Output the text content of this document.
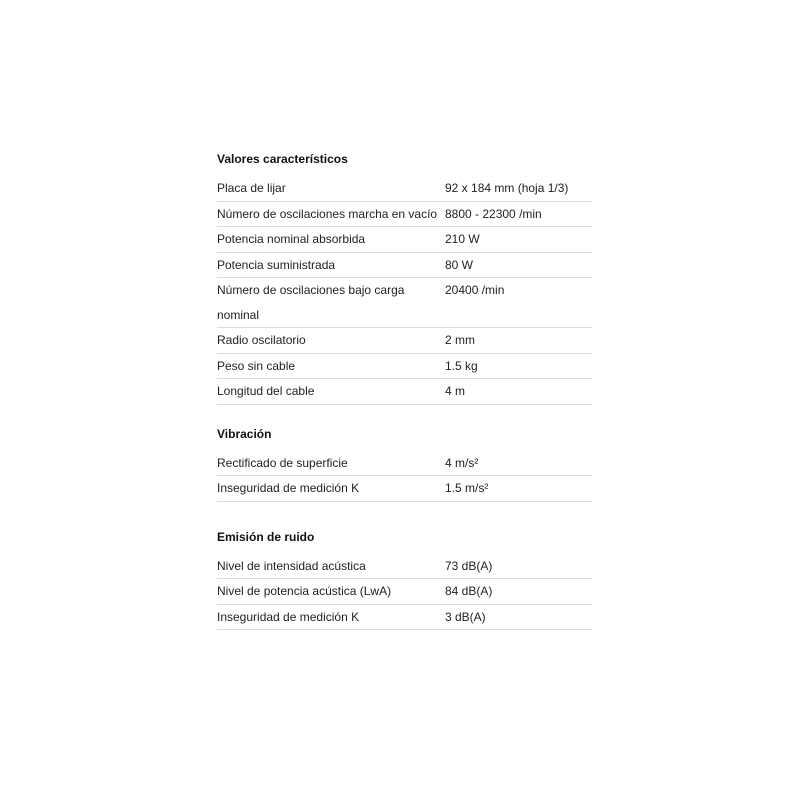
Valores característicos
Placa de lijar	92 x 184 mm (hoja 1/3)
Número de oscilaciones marcha en vacío	8800 - 22300 /min
Potencia nominal absorbida	210 W
Potencia suministrada	80 W
Número de oscilaciones bajo carga nominal	20400 /min
Radio oscilatorio	2 mm
Peso sin cable	1.5 kg
Longitud del cable	4 m
Vibración
Rectificado de superficie	4 m/s²
Inseguridad de medición K	1.5 m/s²
Emisión de ruido
Nivel de intensidad acústica	73 dB(A)
Nivel de potencia acústica (LwA)	84 dB(A)
Inseguridad de medición K	3 dB(A)
